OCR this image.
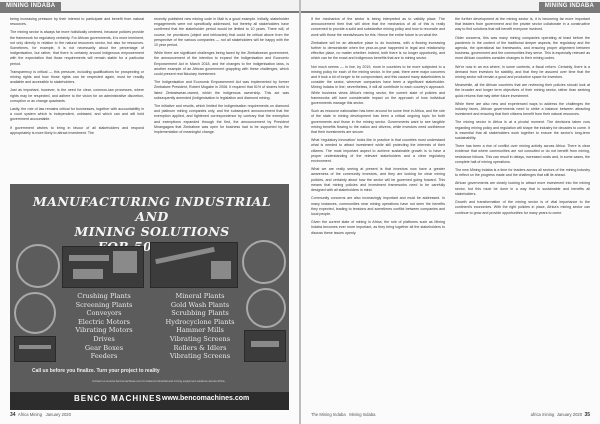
MINING INDABA

being increasing pressure by their interest to participate and benefit from natural resources.

The mining sector is always far more holistically centered, because policies provide the framework for regulatory certainty. For African governments, it is more imminent, not only directly in relation to the natural resources sector, but also for resources. Sometimes, for example, it is not necessarily about the percentage of indigenisation, but rather, that there is certainty around indigenous empowerment with the expectation that those requirements will remain stable for a particular period.

Transparency is critical — this pressure, including qualifications for prospecting or mining rights and how those rights can be respected again, must be readily available and accessible to stakeholders.

Just as important, however, is the need for clear, common-law processes, where rights may be respected, and adhere to the vision for an administrative discretion, corruption or as change quadrants.

Lastly, the role of law remains critical for businesses, together with accountability in a court system which is independent, unbiased, and which can and will hold government accountable.

If government wishes to bring in favour of all stakeholders and respond appropriately is more likely to attract investment. The

recently published new mining code in Mali is a good example. Initially, stakeholder engagements were not specifically addressed, but thereby all stakeholders have confirmed that the stakeholder period would be limited to 10 years. There will, of course, be provisions (object and intricacies) that could be critical above from the perspective of the various companies — not all stakeholders will be happy with the 10 year period.

While there are significant challenges being faced by the Zimbabwean government, the announcement of the intention to expand the Indigenisation and Economic Empowerment Act in March 2018, and the changes to the indigenisation laws, is another example of an African government grappling with these challenges, which could present real fiduciary investment.

The Indigenisation and Economic Empowerment Act was implemented by former Zimbabwe President, Robert Mugabe in 2008. It required that 51% of shares held in listed Zimbabwean-owned, which the indigenous ownership. This act was subsequently amended (indigenisation in legislation and diamond mining.

The initiative and results, which limited the indigenisation requirements on diamond and platinum mining companies only, and the subsequent announcement that the exemption applied, and tightened correspondence by contrary that the exemption and exemptions expanded through the first, the announcement by President Mnangagwa that Zimbabwe was open for business had to be supported by the implementation of meaningful change.

MANUFACTURING INDUSTRIAL AND
MINING SOLUTIONS
Crushing Plants
Screening Plants
Conveyors
Electric Motors
Vibrating Motors
Drives
Gear Boxes
Feeders
Mineral Plants
Gold Wash Plants
Scrubbing Plants
Hydrocyclone Plants
Hammer Mills
Vibrating Screens
Rollers & Idlers
Vibrating Screens
Call us before you finalize. Turn your project to reality
Contact us at www.bencomachines.com for tailored industrial and mining equipment solutions across Africa.
BENCO MACHINES www.bencomachines.com
34 Africa Mining January 2020
MINING INDABA

If the mechanics of the sector is being interpreted as to validity place. The announcement then that will drive that the mechanics of all of this is really concerned to provide a solid and substantive mining policy and how to reconcile and work with those the needs/issues for this. Hence the entire future is on what the.

Zimbabwe will be an attractive place to do business, with a flowing increasing further to demonstrate when the year-on-year happened in legal and relationship effective place, no matter whether. Indeed, both there is no longer opportunity, and which can be the exact and indigenous benefits that are to mining sector.

Not much seems — in line, by 2019, more in countries to be more subjected to a mining policy for each of the mining sector. In the past, there were major concerns and it took a lot of longer to be compromised, and this caused many stakeholders to consider the sector, wherever companies have been a significant stakeholder. Mining Indaba in line; nevertheless, it will all contribute to each country's approach. While business views Africa's mining sector, the current state of policies and frameworks will have considerable impact on the approach of how individual governments manage this sector.

Such as resource nationalism has been around for some time in Africa, and the role of the state in mining development has been a critical ongoing topic for both governments and those in the mining sector. Governments want to see tangible mining benefits flowing to the nation and citizens, while investors need confidence that their investments are secure.

What 'regulatory innovation' looks like in practice is that countries must understand what is needed to attract investment while still protecting the interests of their citizens. The most important aspect to achieve sustainable growth is to have a proper understanding of the relevant stakeholders and a clear regulatory environment.

What we are really seeing at present is that investors now have a greater awareness of the community investors, and they are looking for clear mining policies, and certainty about how the sector will be governed going forward. This means that mining policies and investment frameworks need to be carefully designed with all stakeholders in mind.

Community concerns are also increasingly important and must be addressed. In many instances, communities near mining operations have not seen the benefits they expected, leading to tensions and sometimes conflict between companies and local people.

Given the current state of mining in Africa, the role of platforms such as Mining Indaba becomes ever more important, as they bring together all the stakeholders to discuss these issues openly.

the further development at the mining sector is, it is becoming far more important that leaders from government and the private sector collaborate in a constructive way to find solutions that will benefit everyone involved.

Older concerns, this was many mining companies operating at least before the pandemic in the context of the traditional deeper aspects, the regulatory and the agenda, the operational tax frameworks, and ensuring proper alignment between business, government and the communities they serve. This is especially relevant as more African countries consider changes to their mining codes.

We're now in an era where, in some contexts, a fiscal reform. Certainly, there is a demand from investors for stability, and that they be assured over time that the mining sector will remain a good and productive space for investors.

Meanwhile, all the African countries that are reviewing their policies should look at the broader and longer term objectives of their mining sector, rather than seeking quick returns that may deter future investment.

While there are also new and experienced ways to address the challenges the industry faces, African governments need to strike a balance between attracting investment and ensuring that their citizens benefit from their natural resources.

The mining sector in Africa is at a pivotal moment. The decisions taken now regarding mining policy and regulation will shape the industry for decades to come. It is essential that all stakeholders work together to ensure the sector's long-term sustainability.

There has been a rise of conflict over mining activity across Africa. There is clear evidence that where communities are not consulted or do not benefit from mining, resistance follows. This can result in delays, increased costs and, in some cases, the complete halt of mining operations.

The new Mining Indaba is a time for leaders across all sectors of the mining industry to reflect on the progress made and the challenges that still lie ahead.

African governments are clearly looking to attract more investment into the mining sector, but this must be done in a way that is sustainable and benefits all stakeholders.

Growth and transformation of the mining sector is of vital importance to the continent's economies. With the right policies in place, Africa's mining sector can continue to grow and provide opportunities for many years to come.

The Mining Indaba Mining Indaba	africa mining January 2020 35
